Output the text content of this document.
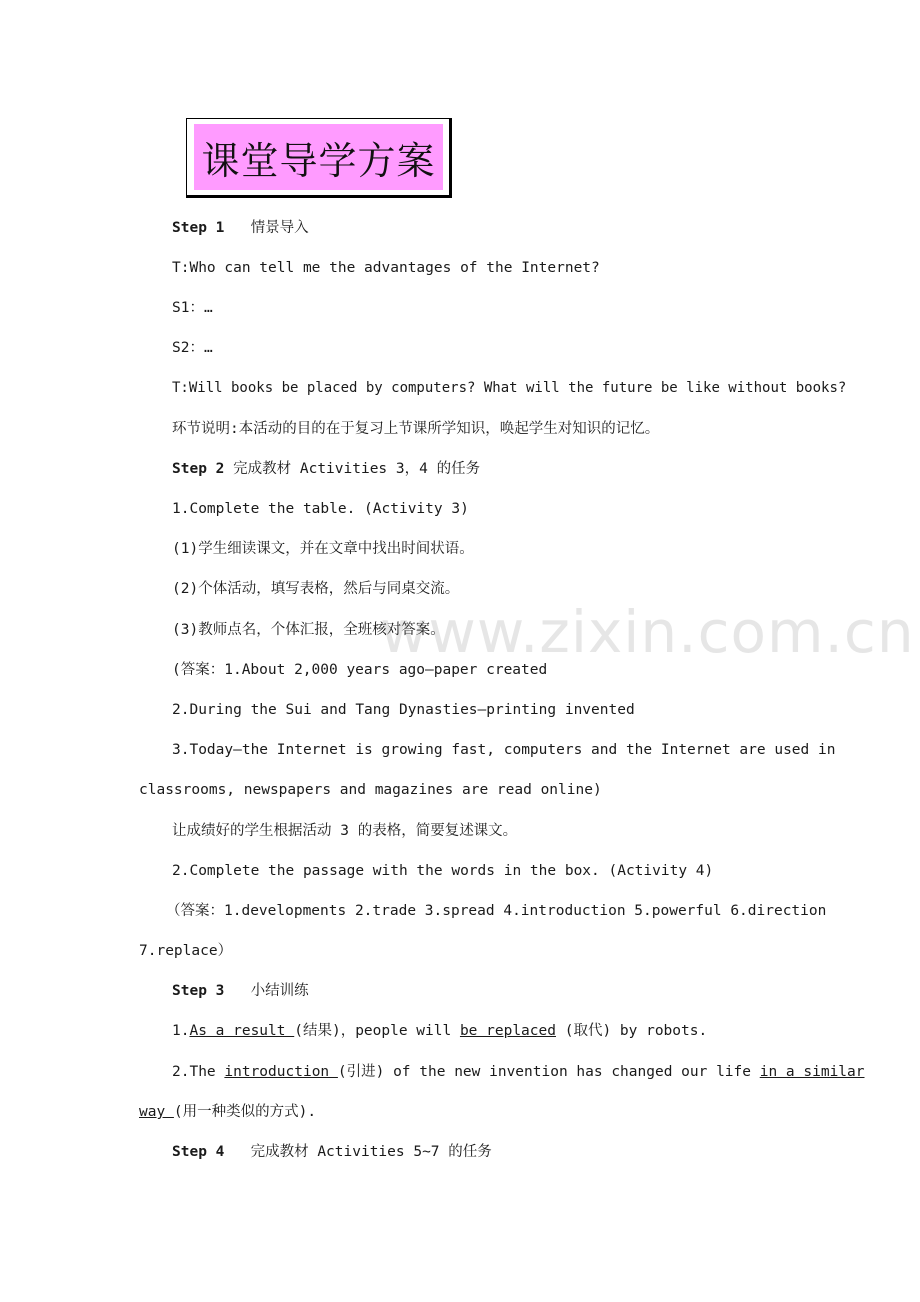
课堂导学方案
www.zixin.com.cn
Step 1 情景导入
T:Who can tell me the advantages of the Internet?
S1：…
S2：…
T:Will books be placed by computers? What will the future be like without books?
环节说明:本活动的目的在于复习上节课所学知识，唤起学生对知识的记忆。
Step 2 完成教材 Activities 3，4 的任务
1.Complete the table. (Activity 3)
(1)学生细读课文，并在文章中找出时间状语。
(2)个体活动，填写表格，然后与同桌交流。
(3)教师点名，个体汇报，全班核对答案。
(答案：1.About 2,000 years ago—paper created
2.During the Sui and Tang Dynasties—printing invented
3.Today—the Internet is growing fast, computers and the Internet are used in
classrooms, newspapers and magazines are read online)
让成绩好的学生根据活动 3 的表格，简要复述课文。
2.Complete the passage with the words in the box. (Activity 4)
（答案：1.developments 2.trade 3.spread 4.introduction 5.powerful 6.direction
7.replace）
Step 3 小结训练
1.As a result (结果)，people will be replaced (取代) by robots.
2.The introduction (引进) of the new invention has changed our life in a similar
way (用一种类似的方式).
Step 4 完成教材 Activities 5~7 的任务
